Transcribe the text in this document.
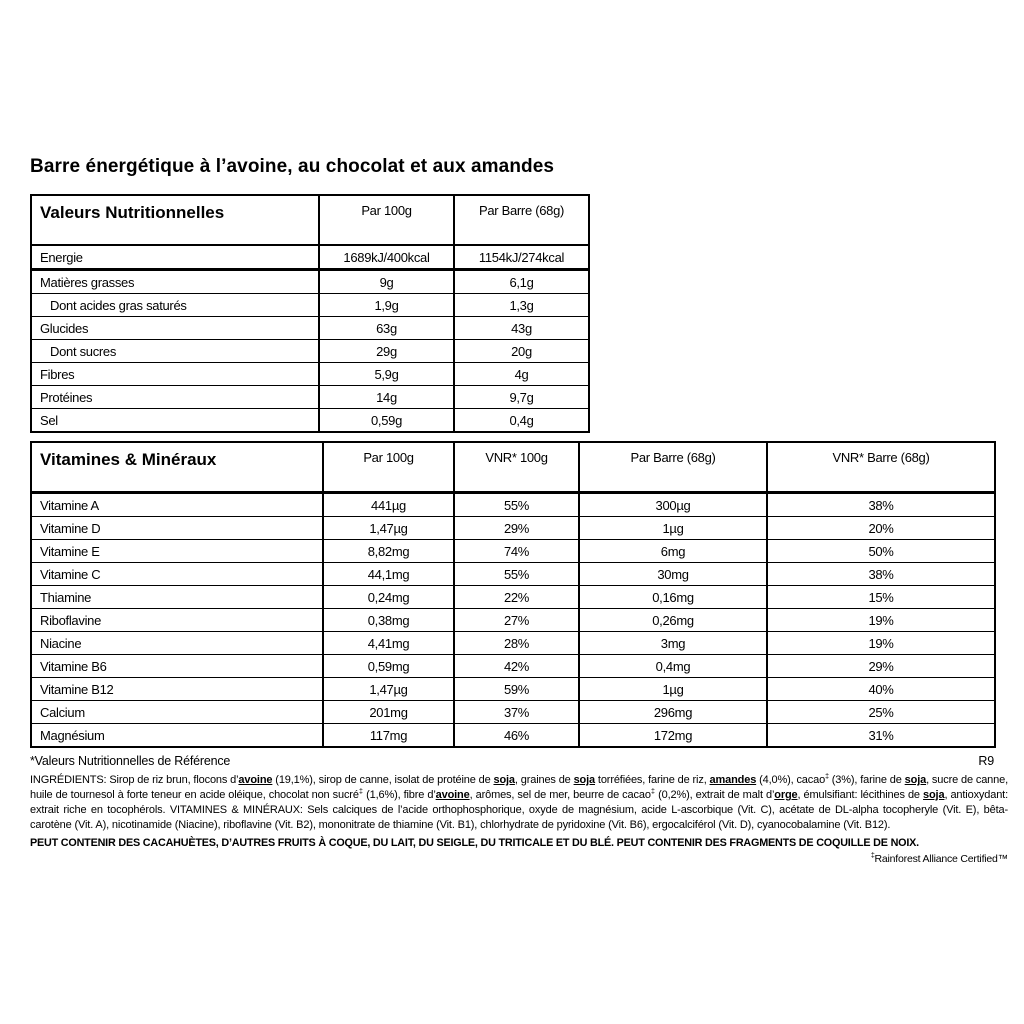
Barre énergétique à l’avoine, au chocolat et aux amandes
Valeurs Nutritionnelles	Par 100g	Par Barre (68g)
Energie	1689kJ/400kcal	1154kJ/274kcal
Matières grasses	9g	6,1g
Dont acides gras saturés	1,9g	1,3g
Glucides	63g	43g
Dont sucres	29g	20g
Fibres	5,9g	4g
Protéines	14g	9,7g
Sel	0,59g	0,4g
Vitamines & Minéraux	Par 100g	VNR* 100g	Par Barre (68g)	VNR* Barre (68g)
Vitamine A	441µg	55%	300µg	38%
Vitamine D	1,47µg	29%	1µg	20%
Vitamine E	8,82mg	74%	6mg	50%
Vitamine C	44,1mg	55%	30mg	38%
Thiamine	0,24mg	22%	0,16mg	15%
Riboflavine	0,38mg	27%	0,26mg	19%
Niacine	4,41mg	28%	3mg	19%
Vitamine B6	0,59mg	42%	0,4mg	29%
Vitamine B12	1,47µg	59%	1µg	40%
Calcium	201mg	37%	296mg	25%
Magnésium	117mg	46%	172mg	31%
*Valeurs Nutritionnelles de Référence	R9
INGRÉDIENTS: Sirop de riz brun, flocons d’avoine (19,1%), sirop de canne, isolat de protéine de soja, graines de soja torréfiées, farine de riz, amandes (4,0%), cacao‡ (3%), farine de soja, sucre de canne, huile de tournesol à forte teneur en acide oléique, chocolat non sucré‡ (1,6%), fibre d’avoine, arômes, sel de mer, beurre de cacao‡ (0,2%), extrait de malt d’orge, émulsifiant: lécithines de soja, antioxydant: extrait riche en tocophérols. VITAMINES & MINÉRAUX: Sels calciques de l’acide orthophosphorique, oxyde de magnésium, acide L-ascorbique (Vit. C), acétate de DL-alpha tocopheryle (Vit. E), bêta-carotène (Vit. A), nicotinamide (Niacine), riboflavine (Vit. B2), mononitrate de thiamine (Vit. B1), chlorhydrate de pyridoxine (Vit. B6), ergocalciférol (Vit. D), cyanocobalamine (Vit. B12).
PEUT CONTENIR DES CACAHUÈTES, D’AUTRES FRUITS À COQUE, DU LAIT, DU SEIGLE, DU TRITICALE ET DU BLÉ. PEUT CONTENIR DES FRAGMENTS DE COQUILLE DE NOIX.
‡Rainforest Alliance Certified™
